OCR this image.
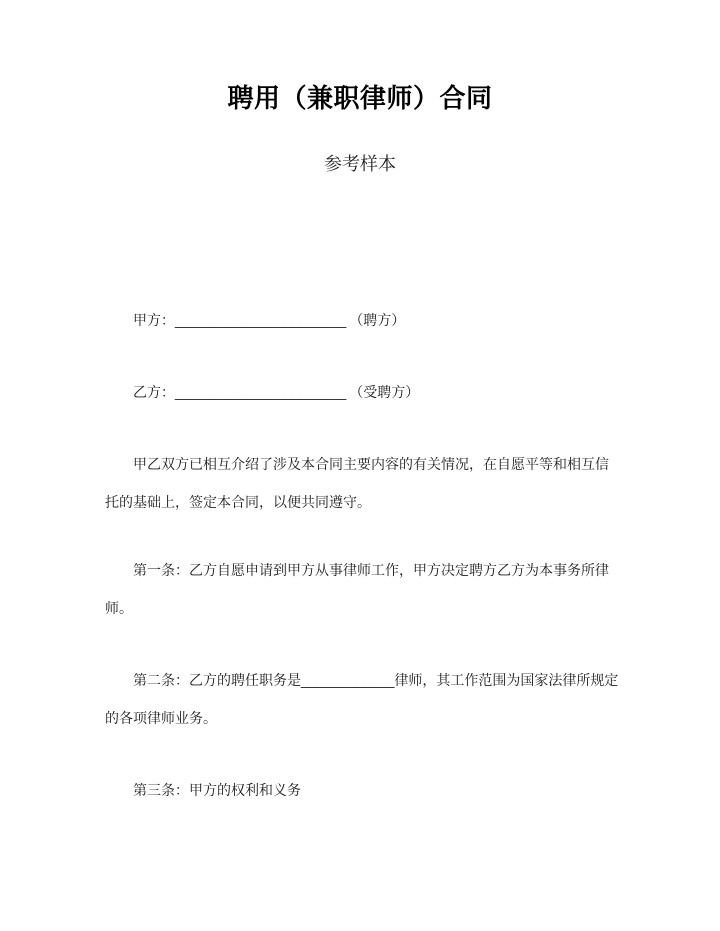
聘用（兼职律师）合同
参考样本
甲方：______________________ （聘方）
乙方：______________________ （受聘方）
甲乙双方已相互介绍了涉及本合同主要内容的有关情况，在自愿平等和相互信
托的基础上，签定本合同，以便共同遵守。
第一条：乙方自愿申请到甲方从事律师工作，甲方决定聘方乙方为本事务所律
师。
第二条：乙方的聘任职务是____________律师，其工作范围为国家法律所规定
的各项律师业务。
第三条：甲方的权利和义务
